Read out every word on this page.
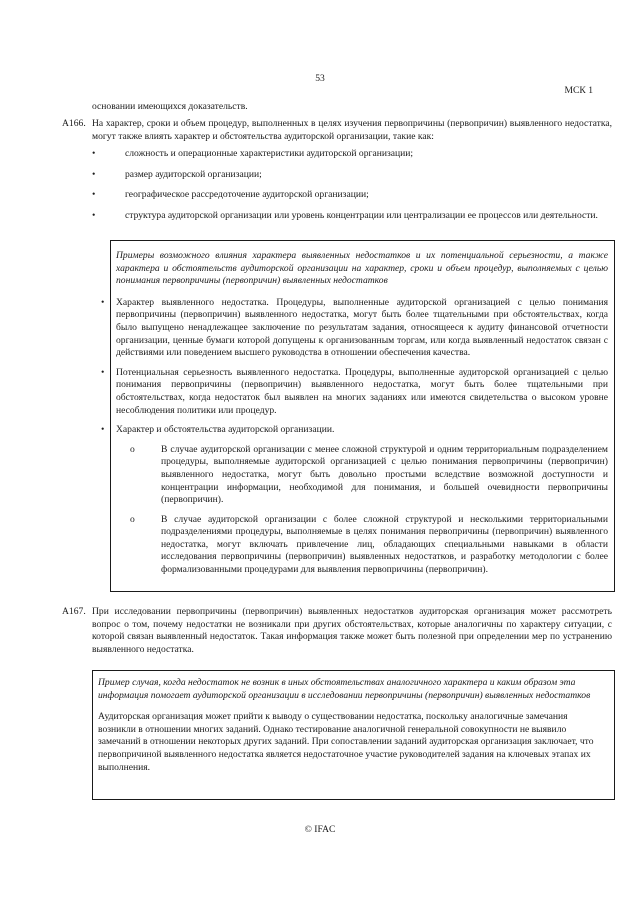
53
МСК 1
основании имеющихся доказательств.
A166. На характер, сроки и объем процедур, выполненных в целях изучения первопричины (первопричин) выявленного недостатка, могут также влиять характер и обстоятельства аудиторской организации, такие как:
•	сложность и операционные характеристики аудиторской организации;
•	размер аудиторской организации;
•	географическое рассредоточение аудиторской организации;
•	структура аудиторской организации или уровень концентрации или централизации ее процессов или деятельности.
Примеры возможного влияния характера выявленных недостатков и их потенциальной серьезности, а также характера и обстоятельств аудиторской организации на характер, сроки и объем процедур, выполняемых с целью понимания первопричины (первопричин) выявленных недостатков
• Характер выявленного недостатка. Процедуры, выполненные аудиторской организацией с целью понимания первопричины (первопричин) выявленного недостатка, могут быть более тщательными при обстоятельствах, когда было выпущено ненадлежащее заключение по результатам задания, относящееся к аудиту финансовой отчетности организации, ценные бумаги которой допущены к организованным торгам, или когда выявленный недостаток связан с действиями или поведением высшего руководства в отношении обеспечения качества.
• Потенциальная серьезность выявленного недостатка. Процедуры, выполненные аудиторской организацией с целью понимания первопричины (первопричин) выявленного недостатка, могут быть более тщательными при обстоятельствах, когда недостаток был выявлен на многих заданиях или имеются свидетельства о высоком уровне несоблюдения политики или процедур.
• Характер и обстоятельства аудиторской организации.
o	В случае аудиторской организации с менее сложной структурой и одним территориальным подразделением процедуры, выполняемые аудиторской организацией с целью понимания первопричины (первопричин) выявленного недостатка, могут быть довольно простыми вследствие возможной доступности и концентрации информации, необходимой для понимания, и большей очевидности первопричины (первопричин).
o	В случае аудиторской организации с более сложной структурой и несколькими территориальными подразделениями процедуры, выполняемые в целях понимания первопричины (первопричин) выявленного недостатка, могут включать привлечение лиц, обладающих специальными навыками в области исследования первопричины (первопричин) выявленных недостатков, и разработку методологии с более формализованными процедурами для выявления первопричины (первопричин).
A167. При исследовании первопричины (первопричин) выявленных недостатков аудиторская организация может рассмотреть вопрос о том, почему недостатки не возникали при других обстоятельствах, которые аналогичны по характеру ситуации, с которой связан выявленный недостаток. Такая информация также может быть полезной при определении мер по устранению выявленного недостатка.
Пример случая, когда недостаток не возник в иных обстоятельствах аналогичного характера и каким образом эта информация помогает аудиторской организации в исследовании первопричины (первопричин) выявленных недостатков
Аудиторская организация может прийти к выводу о существовании недостатка, поскольку аналогичные замечания возникли в отношении многих заданий. Однако тестирование аналогичной генеральной совокупности не выявило замечаний в отношении некоторых других заданий. При сопоставлении заданий аудиторская организация заключает, что первопричиной выявленного недостатка является недостаточное участие руководителей задания на ключевых этапах их выполнения.
© IFAC
